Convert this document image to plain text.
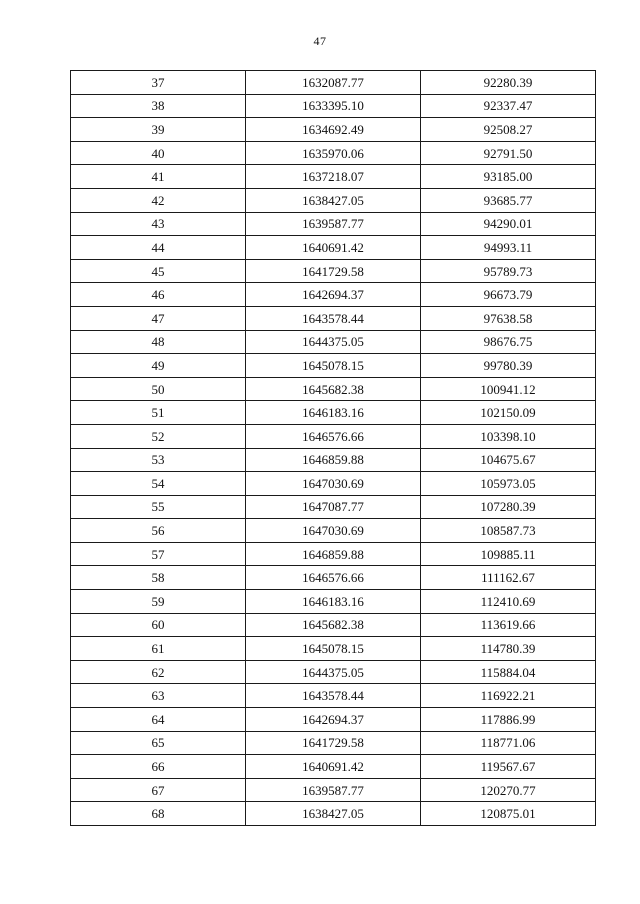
47
37	1632087.77	92280.39
38	1633395.10	92337.47
39	1634692.49	92508.27
40	1635970.06	92791.50
41	1637218.07	93185.00
42	1638427.05	93685.77
43	1639587.77	94290.01
44	1640691.42	94993.11
45	1641729.58	95789.73
46	1642694.37	96673.79
47	1643578.44	97638.58
48	1644375.05	98676.75
49	1645078.15	99780.39
50	1645682.38	100941.12
51	1646183.16	102150.09
52	1646576.66	103398.10
53	1646859.88	104675.67
54	1647030.69	105973.05
55	1647087.77	107280.39
56	1647030.69	108587.73
57	1646859.88	109885.11
58	1646576.66	111162.67
59	1646183.16	112410.69
60	1645682.38	113619.66
61	1645078.15	114780.39
62	1644375.05	115884.04
63	1643578.44	116922.21
64	1642694.37	117886.99
65	1641729.58	118771.06
66	1640691.42	119567.67
67	1639587.77	120270.77
68	1638427.05	120875.01
